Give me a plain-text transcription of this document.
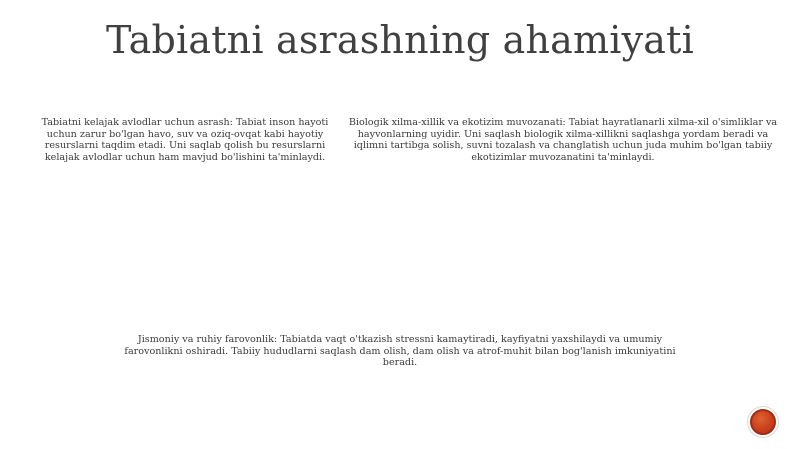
Tabiatni asrashning ahamiyati
Tabiatni kelajak avlodlar uchun asrash: Tabiat inson hayoti uchun zarur bo'lgan havo, suv va oziq-ovqat kabi hayotiy resurslarni taqdim etadi. Uni saqlab qolish bu resurslarni kelajak avlodlar uchun ham mavjud bo'lishini ta'minlaydi.
Biologik xilma-xillik va ekotizim muvozanati: Tabiat hayratlanarli xilma-xil o'simliklar va hayvonlarning uyidir. Uni saqlash biologik xilma-xillikni saqlashga yordam beradi va iqlimni tartibga solish, suvni tozalash va changlatish uchun juda muhim bo'lgan tabiiy ekotizimlar muvozanatini ta'minlaydi.
Jismoniy va ruhiy farovonlik: Tabiatda vaqt o'tkazish stressni kamaytiradi, kayfiyatni yaxshilaydi va umumiy farovonlikni oshiradi. Tabiiy hududlarni saqlash dam olish, dam olish va atrof-muhit bilan bog'lanish imkuniyatini beradi.
